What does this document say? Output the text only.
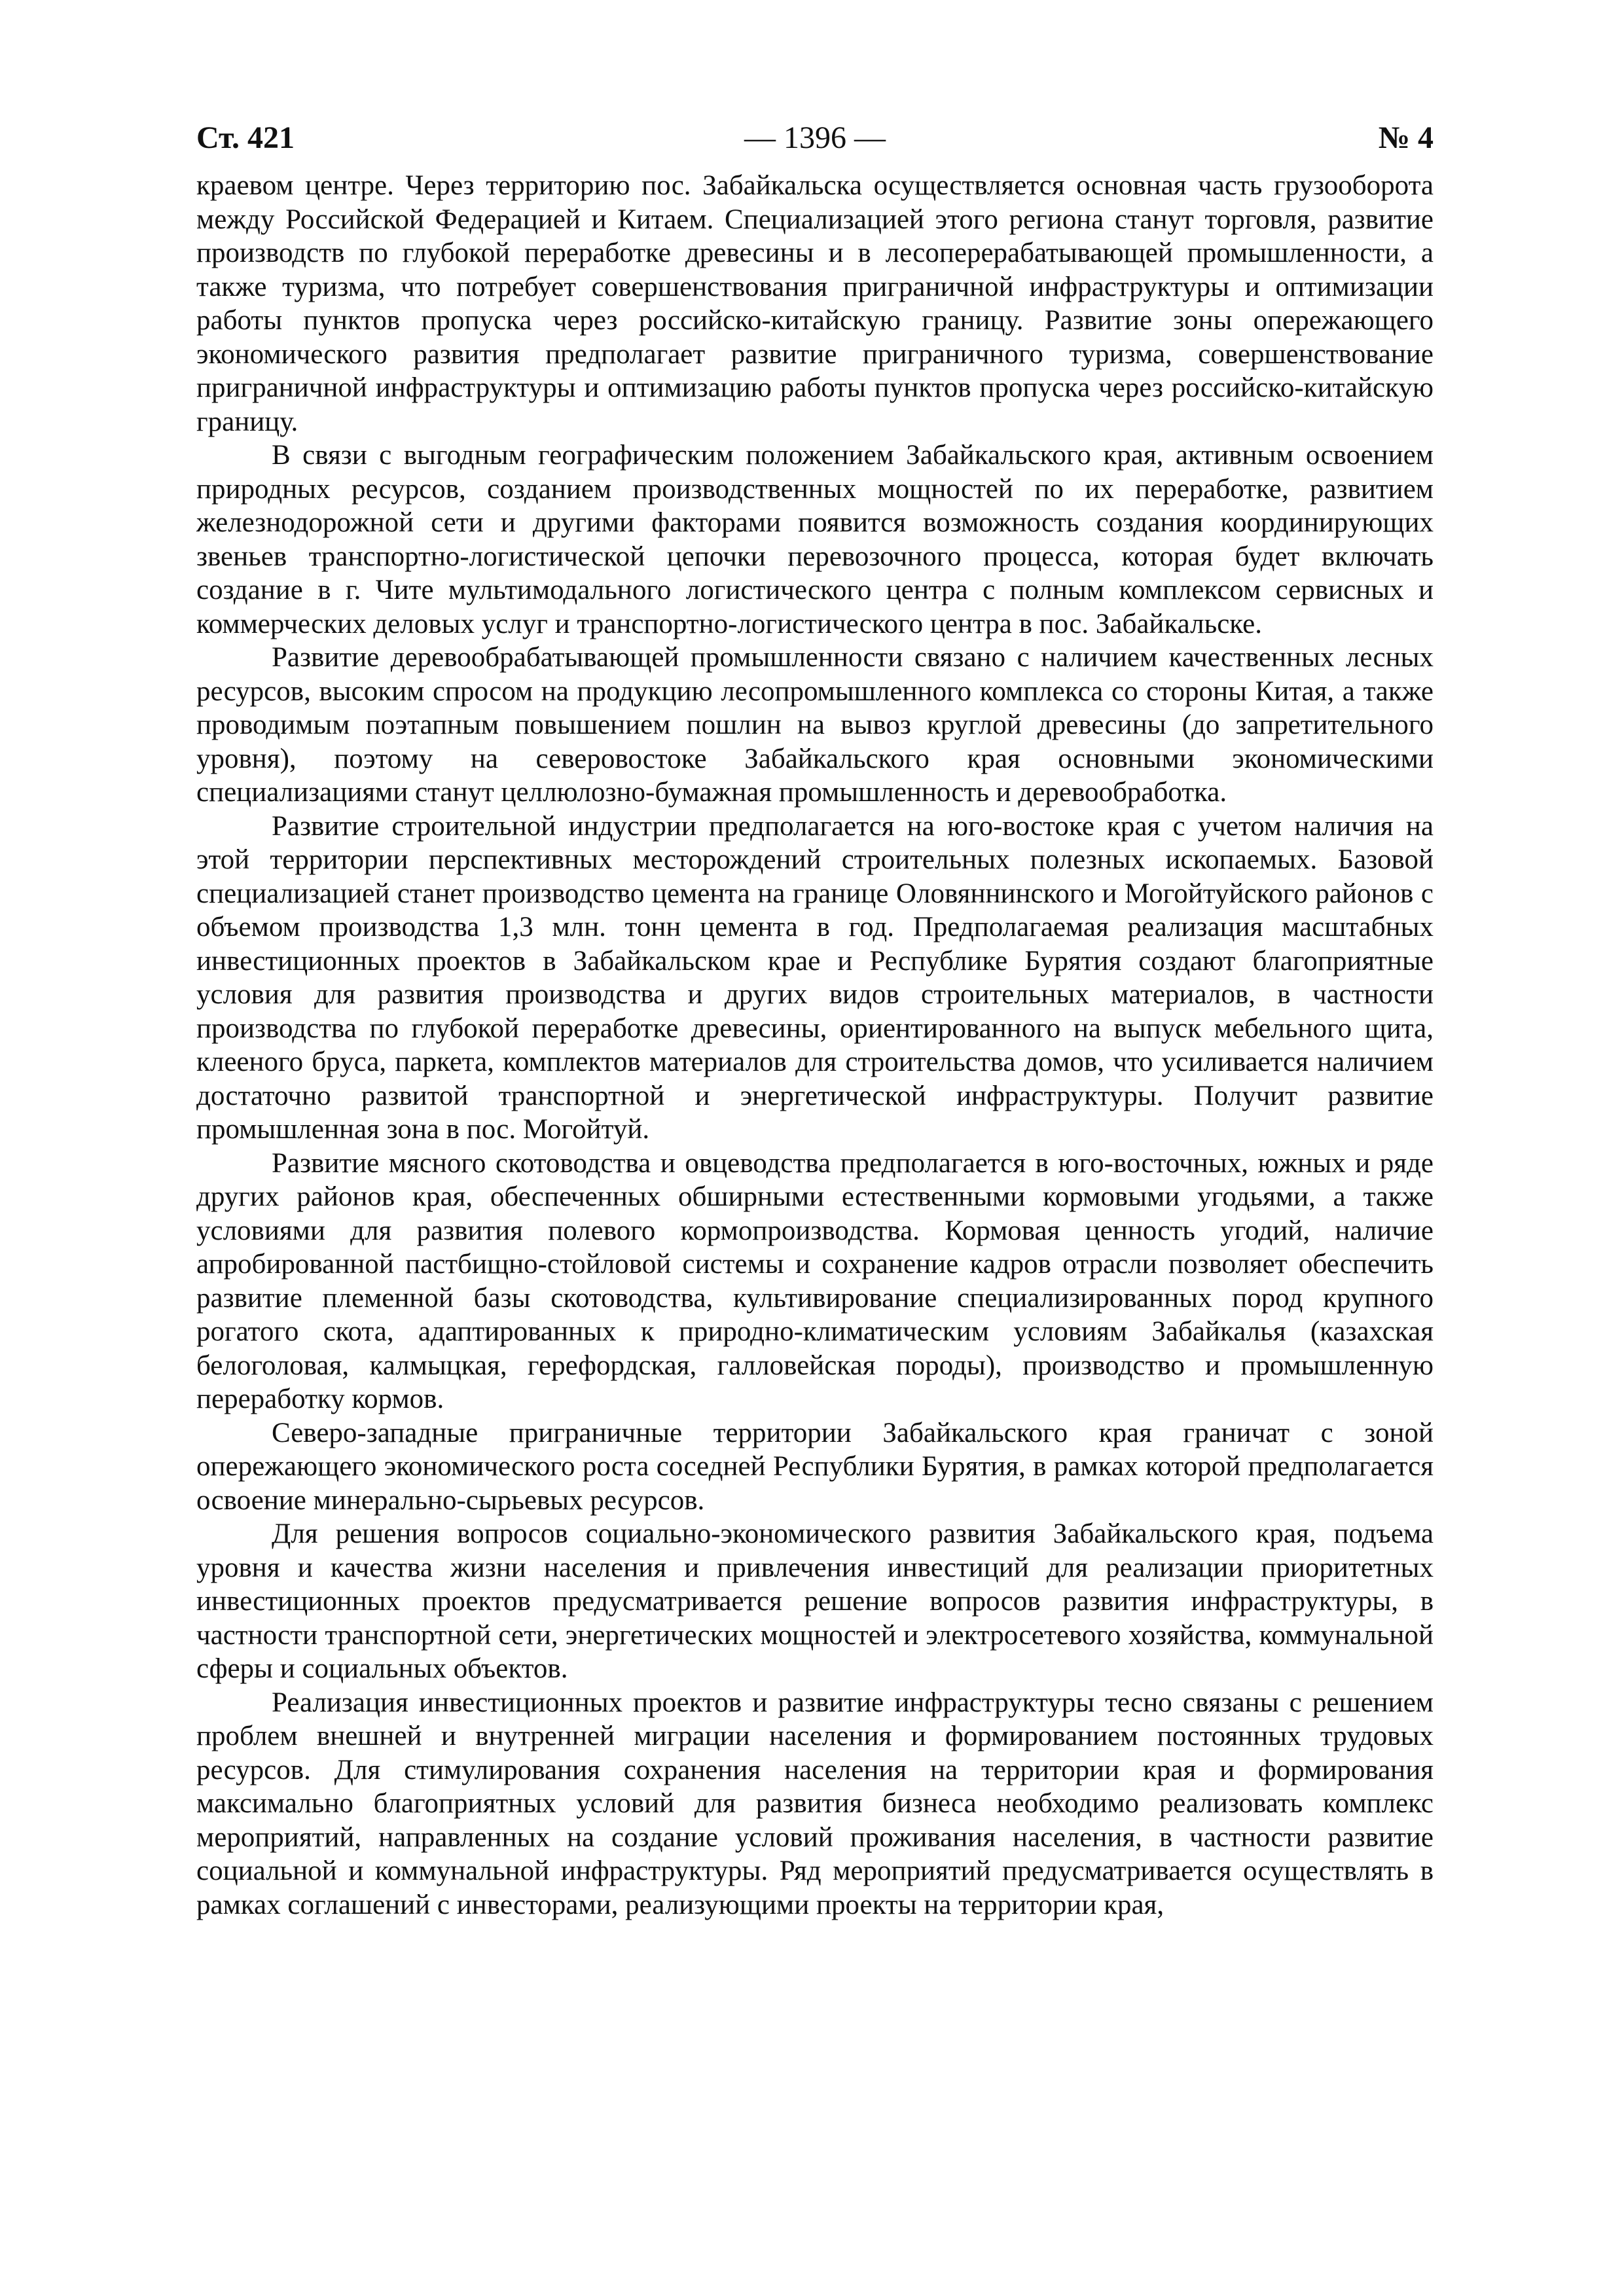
Ст. 421	— 1396 —	№ 4

краевом центре. Через территорию пос. Забайкальска осуществляется основная часть грузооборота между Российской Федерацией и Китаем. Специализацией этого региона станут торговля, развитие производств по глубокой переработке древесины и в лесоперерабатывающей промышленности, а также туризма, что потребует совершенствования приграничной инфраструктуры и оптимизации работы пунктов пропуска через российско-китайскую границу. Развитие зоны опережающего экономического развития предполагает развитие приграничного туризма, совершенствование приграничной инфраструктуры и оптимизацию работы пунктов пропуска через российско-китайскую границу.

В связи с выгодным географическим положением Забайкальского края, активным освоением природных ресурсов, созданием производственных мощностей по их переработке, развитием железнодорожной сети и другими факторами появится возможность создания координирующих звеньев транспортно-логистической цепочки перевозочного процесса, которая будет включать создание в г. Чите мультимодального логистического центра с полным комплексом сервисных и коммерческих деловых услуг и транспортно-логистического центра в пос. Забайкальске.

Развитие деревообрабатывающей промышленности связано с наличием качественных лесных ресурсов, высоким спросом на продукцию лесопромышленного комплекса со стороны Китая, а также проводимым поэтапным повышением пошлин на вывоз круглой древесины (до запретительного уровня), поэтому на северовостоке Забайкальского края основными экономическими специализациями станут целлюлозно-бумажная промышленность и деревообработка.

Развитие строительной индустрии предполагается на юго-востоке края с учетом наличия на этой территории перспективных месторождений строительных полезных ископаемых. Базовой специализацией станет производство цемента на границе Оловяннинского и Могойтуйского районов с объемом производства 1,3 млн. тонн цемента в год. Предполагаемая реализация масштабных инвестиционных проектов в Забайкальском крае и Республике Бурятия создают благоприятные условия для развития производства и других видов строительных материалов, в частности производства по глубокой переработке древесины, ориентированного на выпуск мебельного щита, клееного бруса, паркета, комплектов материалов для строительства домов, что усиливается наличием достаточно развитой транспортной и энергетической инфраструктуры. Получит развитие промышленная зона в пос. Могойтуй.

Развитие мясного скотоводства и овцеводства предполагается в юго-восточных, южных и ряде других районов края, обеспеченных обширными естественными кормовыми угодьями, а также условиями для развития полевого кормопроизводства. Кормовая ценность угодий, наличие апробированной пастбищно-стойловой системы и сохранение кадров отрасли позволяет обеспечить развитие племенной базы скотоводства, культивирование специализированных пород крупного рогатого скота, адаптированных к природно-климатическим условиям Забайкалья (казахская белоголовая, калмыцкая, герефордская, галловейская породы), производство и промышленную переработку кормов.

Северо-западные приграничные территории Забайкальского края граничат с зоной опережающего экономического роста соседней Республики Бурятия, в рамках которой предполагается освоение минерально-сырьевых ресурсов.

Для решения вопросов социально-экономического развития Забайкальского края, подъема уровня и качества жизни населения и привлечения инвестиций для реализации приоритетных инвестиционных проектов предусматривается решение вопросов развития инфраструктуры, в частности транспортной сети, энергетических мощностей и электросетевого хозяйства, коммунальной сферы и социальных объектов.

Реализация инвестиционных проектов и развитие инфраструктуры тесно связаны с решением проблем внешней и внутренней миграции населения и формированием постоянных трудовых ресурсов. Для стимулирования сохранения населения на территории края и формирования максимально благоприятных условий для развития бизнеса необходимо реализовать комплекс мероприятий, направленных на создание условий проживания населения, в частности развитие социальной и коммунальной инфраструктуры. Ряд мероприятий предусматривается осуществлять в рамках соглашений с инвесторами, реализующими проекты на территории края,
